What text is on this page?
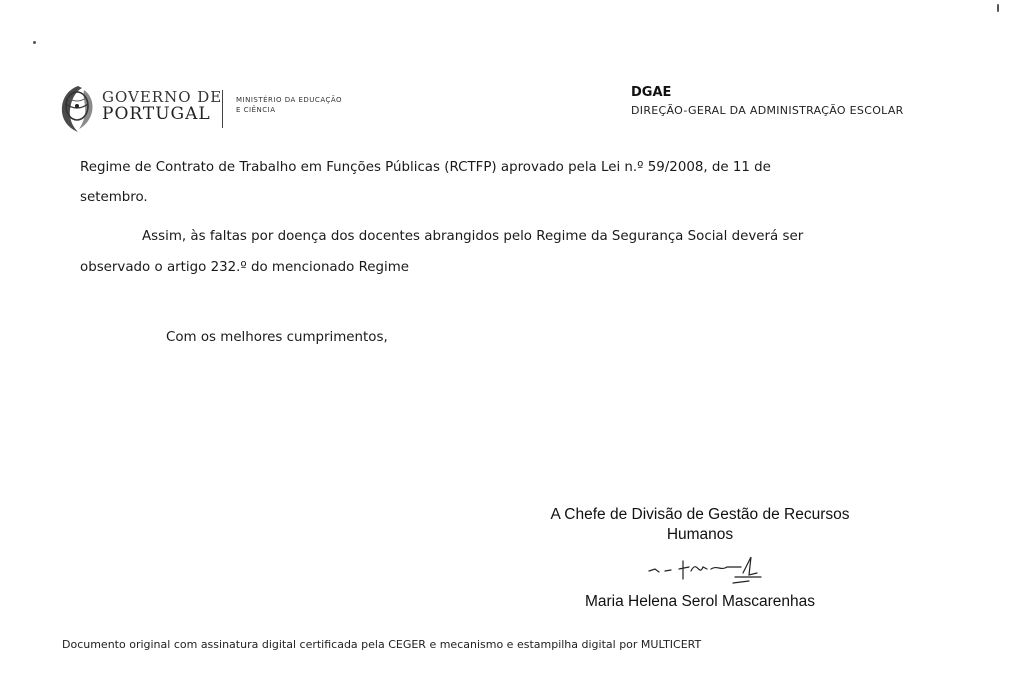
GOVERNO DE
PORTUGAL
MINISTÉRIO DA EDUCAÇÃO
E CIÊNCIA
DGAE
DIREÇÃO-GERAL DA ADMINISTRAÇÃO ESCOLAR
Regime de Contrato de Trabalho em Funções Públicas (RCTFP) aprovado pela Lei n.º 59/2008, de 11 de
setembro.
Assim, às faltas por doença dos docentes abrangidos pelo Regime da Segurança Social deverá ser
observado o artigo 232.º do mencionado Regime
Com os melhores cumprimentos,
A Chefe de Divisão de Gestão de Recursos
Humanos
Maria Helena Serol Mascarenhas
Documento original com assinatura digital certificada pela CEGER e mecanismo e estampilha digital por MULTICERT
